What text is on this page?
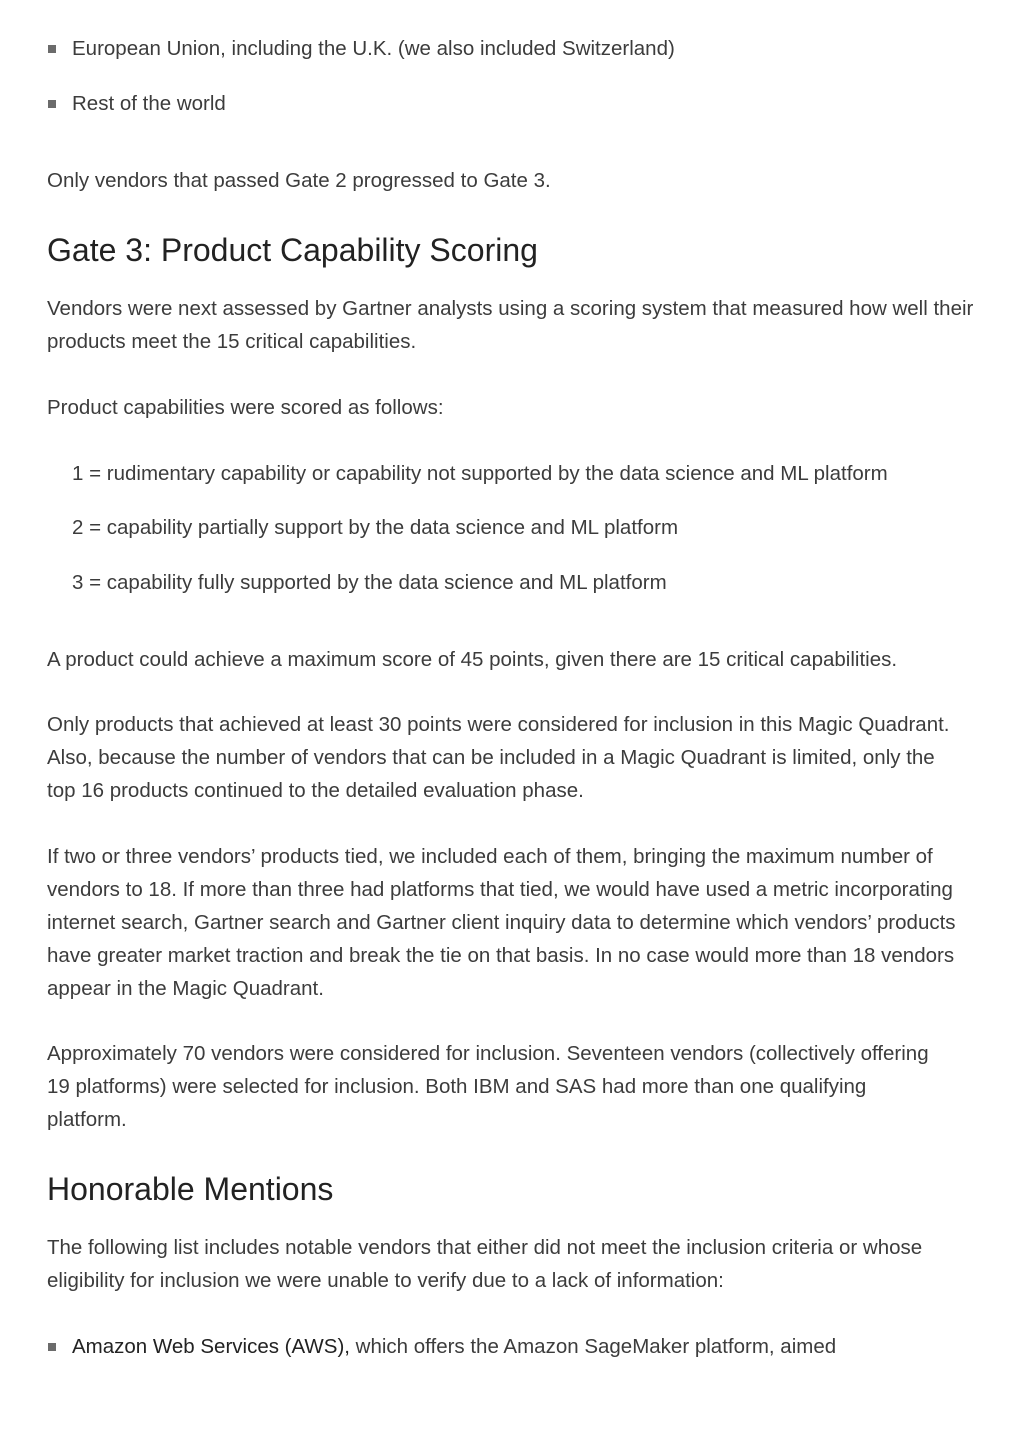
European Union, including the U.K. (we also included Switzerland)
Rest of the world

Only vendors that passed Gate 2 progressed to Gate 3.

Gate 3: Product Capability Scoring

Vendors were next assessed by Gartner analysts using a scoring system that measured how well their products meet the 15 critical capabilities.

Product capabilities were scored as follows:

1 = rudimentary capability or capability not supported by the data science and ML platform
2 = capability partially support by the data science and ML platform
3 = capability fully supported by the data science and ML platform

A product could achieve a maximum score of 45 points, given there are 15 critical capabilities.

Only products that achieved at least 30 points were considered for inclusion in this Magic Quadrant. Also, because the number of vendors that can be included in a Magic Quadrant is limited, only the top 16 products continued to the detailed evaluation phase.

If two or three vendors’ products tied, we included each of them, bringing the maximum number of vendors to 18. If more than three had platforms that tied, we would have used a metric incorporating internet search, Gartner search and Gartner client inquiry data to determine which vendors’ products have greater market traction and break the tie on that basis. In no case would more than 18 vendors appear in the Magic Quadrant.

Approximately 70 vendors were considered for inclusion. Seventeen vendors (collectively offering 19 platforms) were selected for inclusion. Both IBM and SAS had more than one qualifying platform.

Honorable Mentions

The following list includes notable vendors that either did not meet the inclusion criteria or whose eligibility for inclusion we were unable to verify due to a lack of information:

Amazon Web Services (AWS), which offers the Amazon SageMaker platform, aimed
